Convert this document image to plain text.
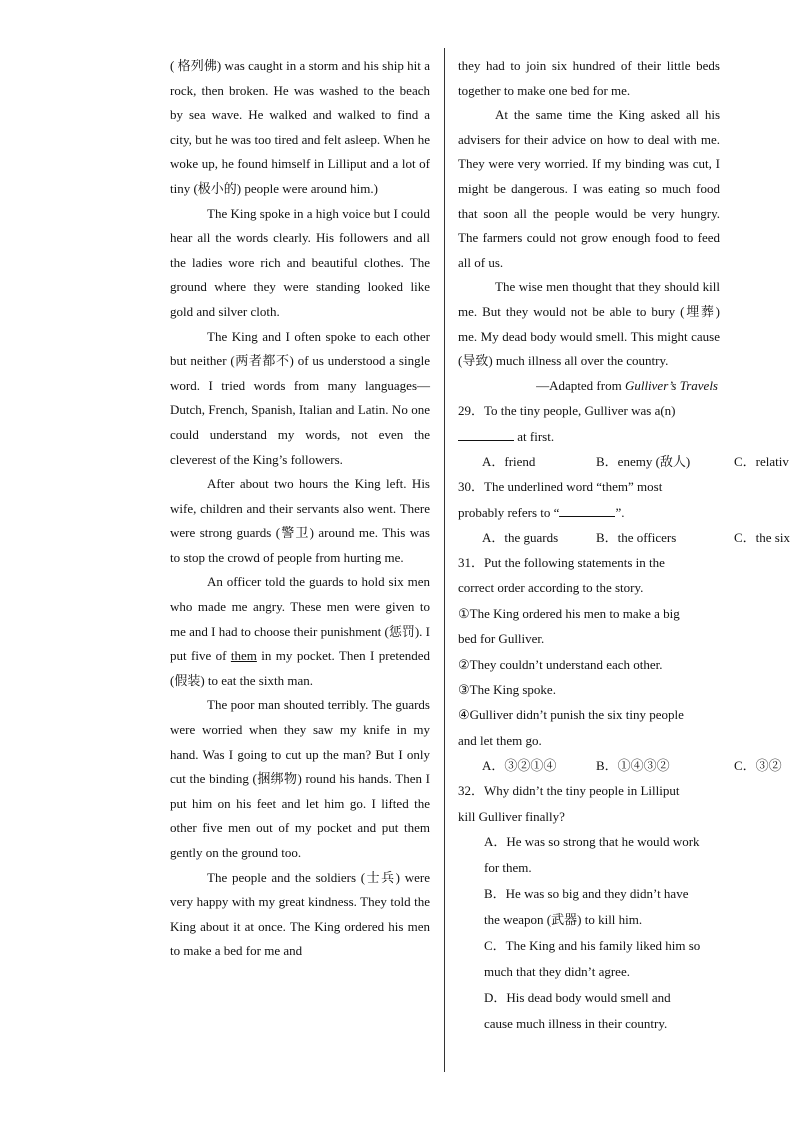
( 格列佛) was caught in a storm and his ship hit a rock, then broken. He was washed to the beach by sea wave. He walked and walked to find a city, but he was too tired and felt asleep. When he woke up, he found himself in Lilliput and a lot of tiny (极小的) people were around him.)

The King spoke in a high voice but I could hear all the words clearly. His followers and all the ladies wore rich and beautiful clothes. The ground where they were standing looked like gold and silver cloth.

The King and I often spoke to each other but neither (两者都不) of us understood a single word. I tried words from many languages—Dutch, French, Spanish, Italian and Latin. No one could understand my words, not even the cleverest of the King’s followers.

After about two hours the King left. His wife, children and their servants also went. There were strong guards (警卫) around me. This was to stop the crowd of people from hurting me.

An officer told the guards to hold six men who made me angry. These men were given to me and I had to choose their punishment (惩罚). I put five of them in my pocket. Then I pretended (假装) to eat the sixth man.

The poor man shouted terribly. The guards were worried when they saw my knife in my hand. Was I going to cut up the man? But I only cut the binding (捆绑物) round his hands. Then I put him on his feet and let him go. I lifted the other five men out of my pocket and put them gently on the ground too.

The people and the soldiers (士兵) were very happy with my great kindness. They told the King about it at once. The King ordered his men to make a bed for me and

they had to join six hundred of their little beds together to make one bed for me.

At the same time the King asked all his advisers for their advice on how to deal with me. They were very worried. If my binding was cut, I might be dangerous. I was eating so much food that soon all the people would be very hungry. The farmers could not grow enough food to feed all of us.

The wise men thought that they should kill me. But they would not be able to bury (埋葬) me. My dead body would smell. This might cause (导致) much illness all over the country.

—Adapted from Gulliver’s Travels

29．To the tiny people, Gulliver was a(n)

at first.

A．friend	B．enemy (敌人)	C．relativ

30．The underlined word “them” most

probably refers to “	”.

A．the guards	B．the officers	C．the six

31．Put the following statements in the

correct order according to the story.

①The King ordered his men to make a big

bed for Gulliver.

②They couldn’t understand each other.

③The King spoke.

④Gulliver didn’t punish the six tiny people

and let them go.

A．③②①④	B．①④③②	C．③②

32．Why didn’t the tiny people in Lilliput

kill Gulliver finally?

A．He was so strong that he would work

for them.

B．He was so big and they didn’t have

the weapon (武器) to kill him.

C．The King and his family liked him so

much that they didn’t agree.

D．His dead body would smell and

cause much illness in their country.
